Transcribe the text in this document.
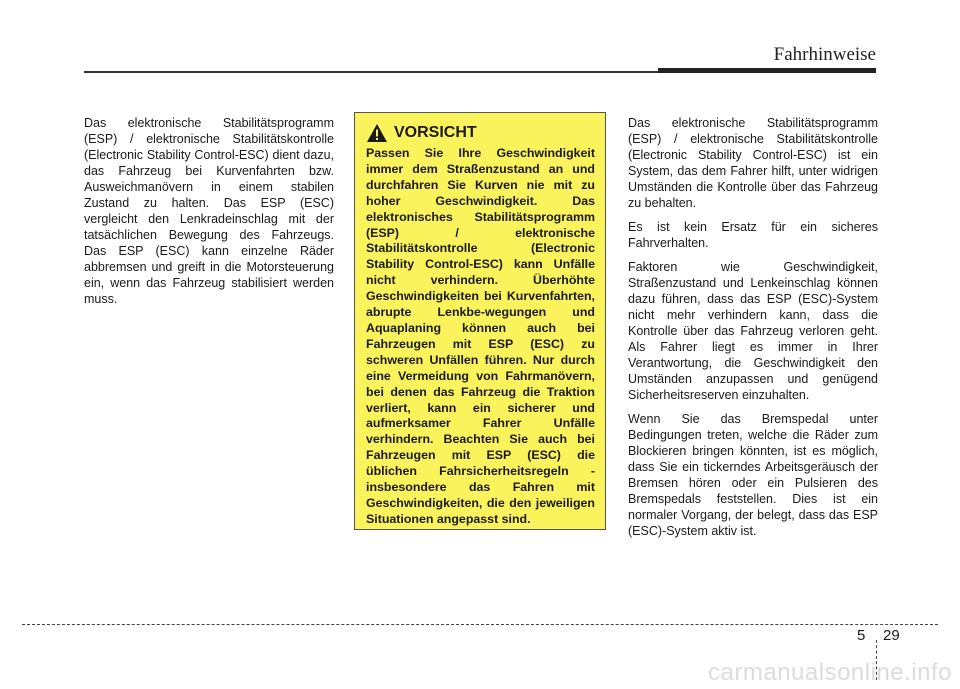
Fahrhinweise

Das elektronische Stabilitätsprogramm (ESP) / elektronische Stabilitätskontrolle (Electronic Stability Control-ESC) dient dazu, das Fahrzeug bei Kurvenfahrten bzw. Ausweichmanövern in einem stabilen Zustand zu halten. Das ESP (ESC) vergleicht den Lenkradeinschlag mit der tatsächlichen Bewegung des Fahrzeugs. Das ESP (ESC) kann einzelne Räder abbremsen und greift in die Motorsteuerung ein, wenn das Fahrzeug stabilisiert werden muss.

VORSICHT

Passen Sie Ihre Geschwindigkeit immer dem Straßenzustand an und durchfahren Sie Kurven nie mit zu hoher Geschwindigkeit. Das elektronisches Stabilitätsprogramm (ESP) / elektronische Stabilitätskontrolle (Electronic Stability Control-ESC) kann Unfälle nicht verhindern. Überhöhte Geschwindigkeiten bei Kurvenfahrten, abrupte Lenkbe-wegungen und Aquaplaning können auch bei Fahrzeugen mit ESP (ESC) zu schweren Unfällen führen. Nur durch eine Vermeidung von Fahrmanövern, bei denen das Fahrzeug die Traktion verliert, kann ein sicherer und aufmerksamer Fahrer Unfälle verhindern. Beachten Sie auch bei Fahrzeugen mit ESP (ESC) die üblichen Fahrsicherheitsregeln - insbesondere das Fahren mit Geschwindigkeiten, die den jeweiligen Situationen angepasst sind.

Das elektronische Stabilitätsprogramm (ESP) / elektronische Stabilitätskontrolle (Electronic Stability Control-ESC) ist ein System, das dem Fahrer hilft, unter widrigen Umständen die Kontrolle über das Fahrzeug zu behalten.

Es ist kein Ersatz für ein sicheres Fahrverhalten.

Faktoren wie Geschwindigkeit, Straßenzustand und Lenkeinschlag können dazu führen, dass das ESP (ESC)-System nicht mehr verhindern kann, dass die Kontrolle über das Fahrzeug verloren geht. Als Fahrer liegt es immer in Ihrer Verantwortung, die Geschwindigkeit den Umständen anzupassen und genügend Sicherheitsreserven einzuhalten.

Wenn Sie das Bremspedal unter Bedingungen treten, welche die Räder zum Blockieren bringen könnten, ist es möglich, dass Sie ein tickerndes Arbeitsgeräusch der Bremsen hören oder ein Pulsieren des Bremspedals feststellen. Dies ist ein normaler Vorgang, der belegt, dass das ESP (ESC)-System aktiv ist.

5 29
carmanualsonline.info
